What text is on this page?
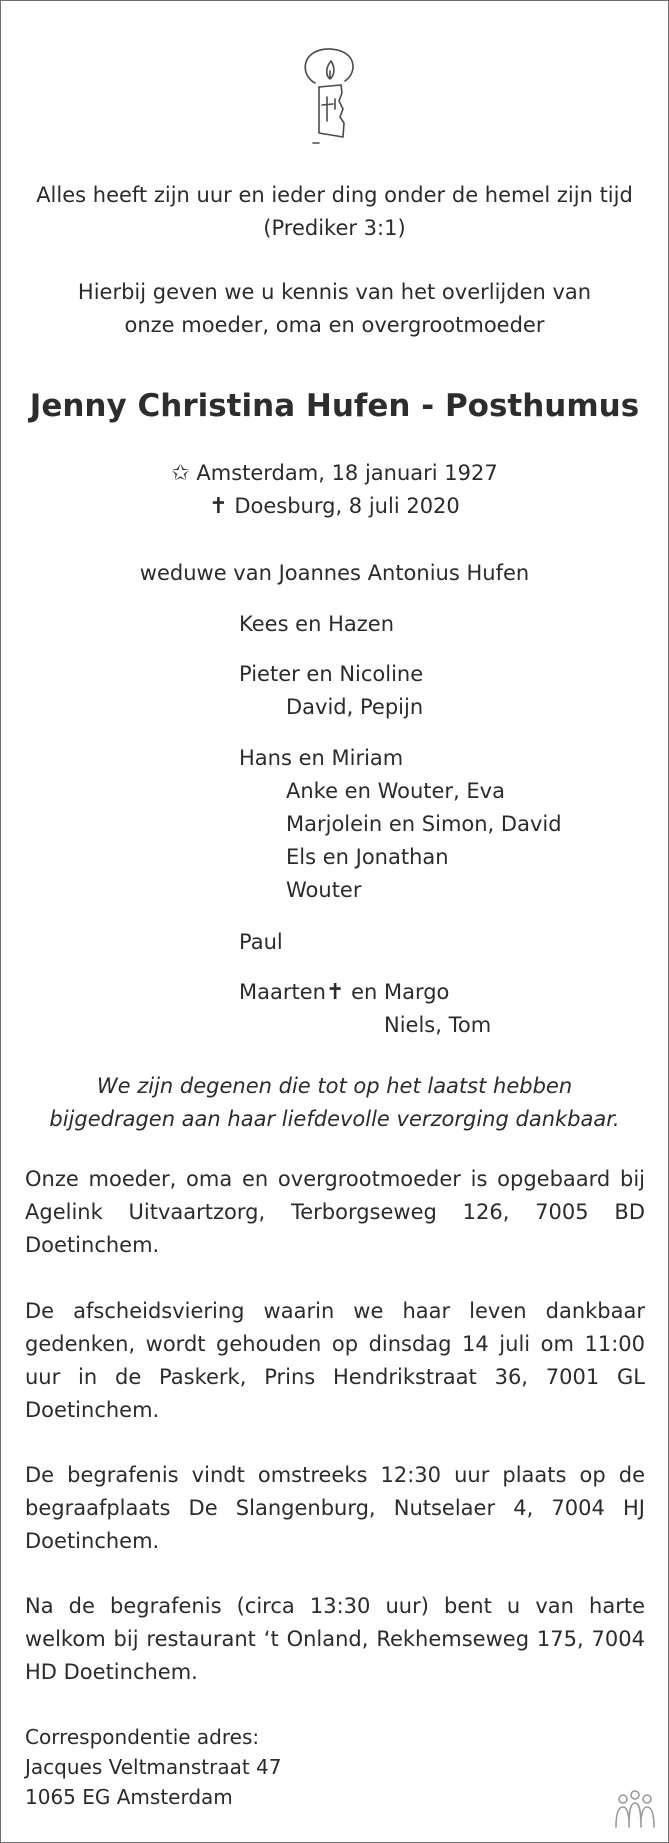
Alles heeft zijn uur en ieder ding onder de hemel zijn tijd
(Prediker 3:1)
Hierbij geven we u kennis van het overlijden van
onze moeder, oma en overgrootmoeder
Jenny Christina Hufen - Posthumus
✩ Amsterdam, 18 januari 1927
✝ Doesburg, 8 juli 2020
weduwe van Joannes Antonius Hufen
Kees en Hazen
Pieter en Nicoline
David, Pepijn
Hans en Miriam
Anke en Wouter, Eva
Marjolein en Simon, David
Els en Jonathan
Wouter
Paul
Maarten✝ en Margo
Niels, Tom
We zijn degenen die tot op het laatst hebben
bijgedragen aan haar liefdevolle verzorging dankbaar.
Onze moeder, oma en overgrootmoeder is opgebaard bij Agelink Uitvaartzorg, Terborgseweg 126, 7005 BD Doetinchem.
De afscheidsviering waarin we haar leven dankbaar gedenken, wordt gehouden op dinsdag 14 juli om 11:00 uur in de Paskerk, Prins Hendrikstraat 36, 7001 GL Doetinchem.
De begrafenis vindt omstreeks 12:30 uur plaats op de begraafplaats De Slangenburg, Nutselaer 4, 7004 HJ Doetinchem.
Na de begrafenis (circa 13:30 uur) bent u van harte welkom bij restaurant ‘t Onland, Rekhemseweg 175, 7004 HD Doetinchem.
Correspondentie adres:
Jacques Veltmanstraat 47
1065 EG Amsterdam
